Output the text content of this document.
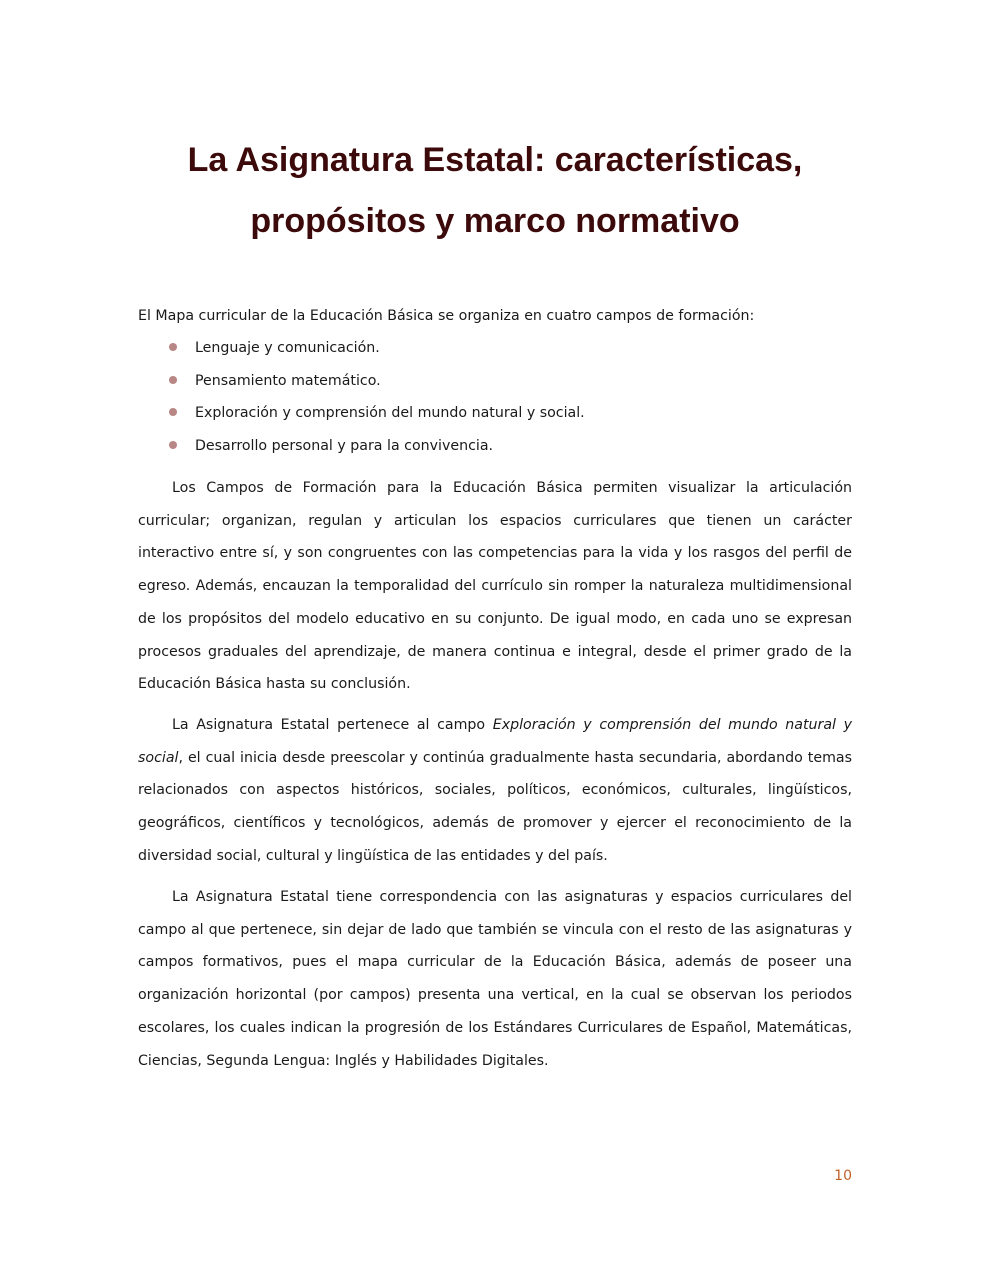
La Asignatura Estatal: características, propósitos y marco normativo

El Mapa curricular de la Educación Básica se organiza en cuatro campos de formación:

Lenguaje y comunicación.
Pensamiento matemático.
Exploración y comprensión del mundo natural y social.
Desarrollo personal y para la convivencia.

Los Campos de Formación para la Educación Básica permiten visualizar la articulación curricular; organizan, regulan y articulan los espacios curriculares que tienen un carácter interactivo entre sí, y son congruentes con las competencias para la vida y los rasgos del perfil de egreso. Además, encauzan la temporalidad del currículo sin romper la naturaleza multidimensional de los propósitos del modelo educativo en su conjunto. De igual modo, en cada uno se expresan procesos graduales del aprendizaje, de manera continua e integral, desde el primer grado de la Educación Básica hasta su conclusión.

La Asignatura Estatal pertenece al campo Exploración y comprensión del mundo natural y social, el cual inicia desde preescolar y continúa gradualmente hasta secundaria, abordando temas relacionados con aspectos históricos, sociales, políticos, económicos, culturales, lingüísticos, geográficos, científicos y tecnológicos, además de promover y ejercer el reconocimiento de la diversidad social, cultural y lingüística de las entidades y del país.

La Asignatura Estatal tiene correspondencia con las asignaturas y espacios curriculares del campo al que pertenece, sin dejar de lado que también se vincula con el resto de las asignaturas y campos formativos, pues el mapa curricular de la Educación Básica, además de poseer una organización horizontal (por campos) presenta una vertical, en la cual se observan los periodos escolares, los cuales indican la progresión de los Estándares Curriculares de Español, Matemáticas, Ciencias, Segunda Lengua: Inglés y Habilidades Digitales.

10
